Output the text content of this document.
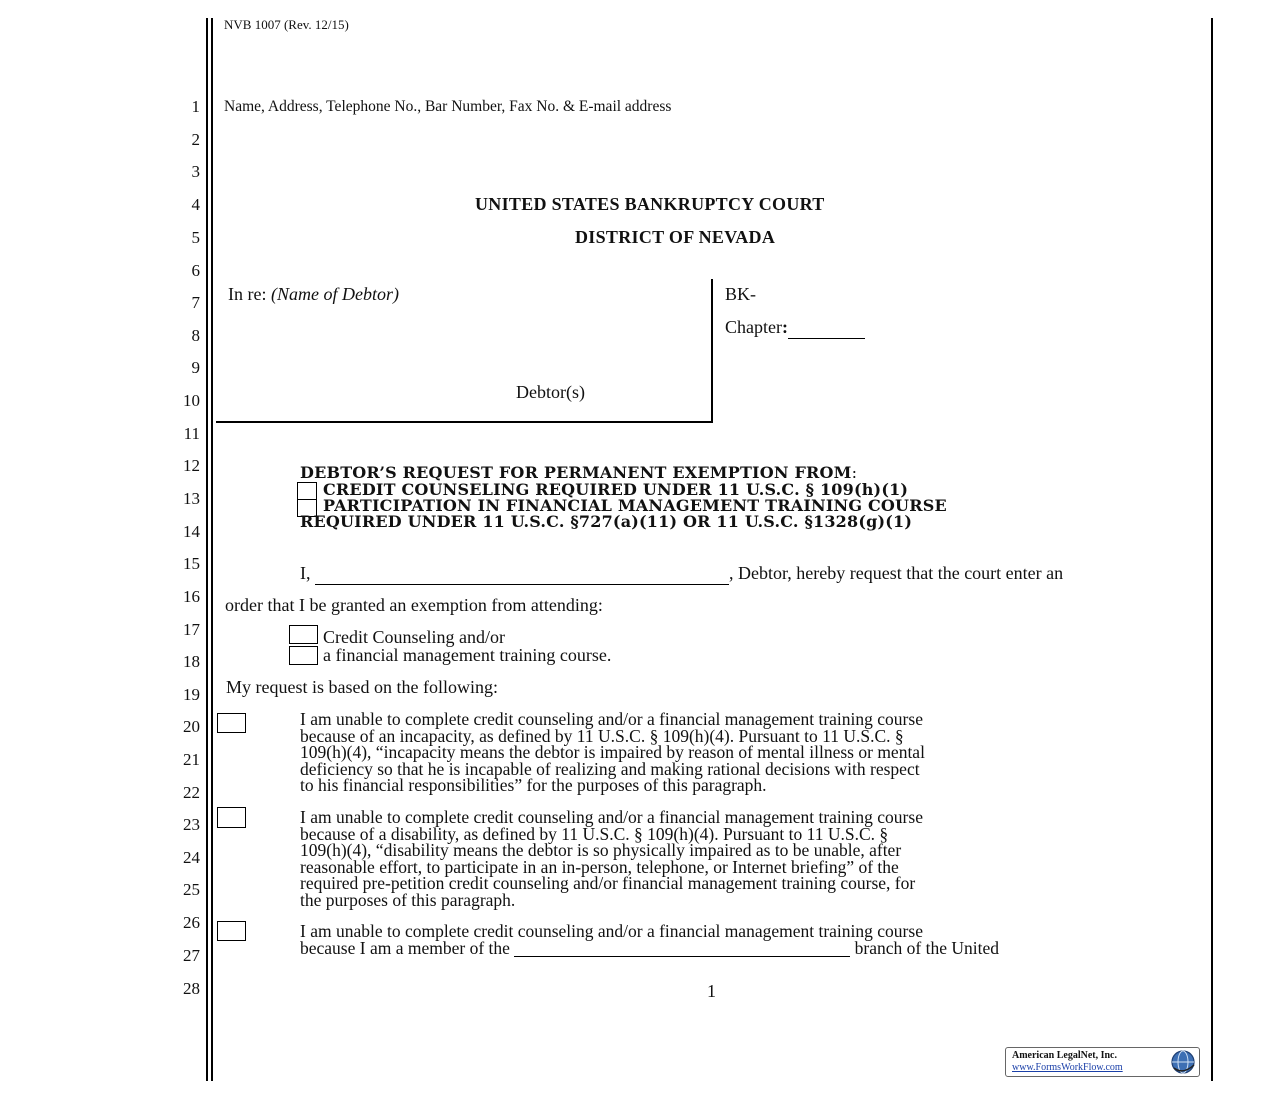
NVB 1007 (Rev. 12/15)
1
2
3
4
5
6
7
8
9
10
11
12
13
14
15
16
17
18
19
20
21
22
23
24
25
26
27
28
Name, Address, Telephone No., Bar Number, Fax No. & E-mail address
UNITED STATES BANKRUPTCY COURT
DISTRICT OF NEVADA
In re: (Name of Debtor)
Debtor(s)
BK-
Chapter:
DEBTOR’S REQUEST FOR PERMANENT EXEMPTION FROM:
CREDIT COUNSELING REQUIRED UNDER 11 U.S.C. § 109(h)(1)
PARTICIPATION IN FINANCIAL MANAGEMENT TRAINING COURSE
REQUIRED UNDER 11 U.S.C. §727(a)(11) OR 11 U.S.C. §1328(g)(1)
I,	, Debtor, hereby request that the court enter an
order that I be granted an exemption from attending:
Credit Counseling and/or
a financial management training course.
My request is based on the following:
I am unable to complete credit counseling and/or a financial management training course
because of an incapacity, as defined by 11 U.S.C. § 109(h)(4). Pursuant to 11 U.S.C. §
109(h)(4), “incapacity means the debtor is impaired by reason of mental illness or mental
deficiency so that he is incapable of realizing and making rational decisions with respect
to his financial responsibilities” for the purposes of this paragraph.
I am unable to complete credit counseling and/or a financial management training course
because of a disability, as defined by 11 U.S.C. § 109(h)(4). Pursuant to 11 U.S.C. §
109(h)(4), “disability means the debtor is so physically impaired as to be unable, after
reasonable effort, to participate in an in-person, telephone, or Internet briefing” of the
required pre-petition credit counseling and/or financial management training course, for
the purposes of this paragraph.
I am unable to complete credit counseling and/or a financial management training course
because I am a member of the	branch of the United
1
American LegalNet, Inc.
www.FormsWorkFlow.com
